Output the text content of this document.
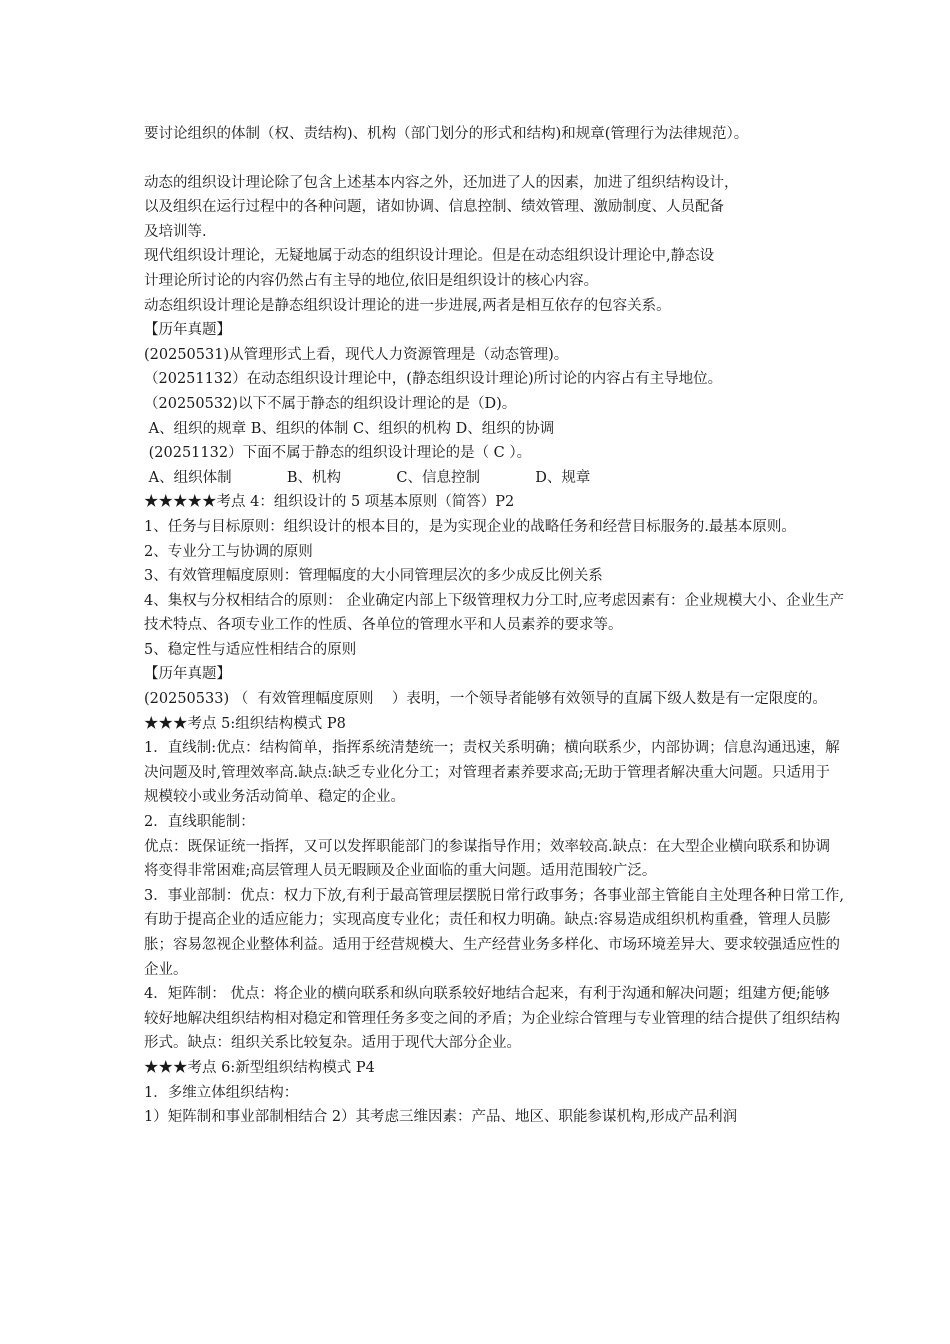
要讨论组织的体制（权、责结构)、机构（部门划分的形式和结构)和规章(管理行为法律规范）。

动态的组织设计理论除了包含上述基本内容之外，还加进了人的因素，加进了组织结构设计，

以及组织在运行过程中的各种问题，诸如协调、信息控制、绩效管理、激励制度、人员配备

及培训等.

现代组织设计理论，无疑地属于动态的组织设计理论。但是在动态组织设计理论中,静态设

计理论所讨论的内容仍然占有主导的地位,依旧是组织设计的核心内容。

动态组织设计理论是静态组织设计理论的进一步进展,两者是相互依存的包容关系。

【历年真题】

(20250531)从管理形式上看，现代人力资源管理是（动态管理)。

（20251132）在动态组织设计理论中，(静态组织设计理论)所讨论的内容占有主导地位。

（20250532)以下不属于静态的组织设计理论的是（D)。

A、组织的规章 B、组织的体制 C、组织的机构 D、组织的协调

(20251132）下面不属于静态的组织设计理论的是（ C ）。

A、组织体制            B、机构            C、信息控制            D、规章

★★★★★考点 4：组织设计的 5 项基本原则（简答）P2

1、任务与目标原则：组织设计的根本目的，是为实现企业的战略任务和经营目标服务的.最基本原则。

2、专业分工与协调的原则

3、有效管理幅度原则：管理幅度的大小同管理层次的多少成反比例关系

4、集权与分权相结合的原则： 企业确定内部上下级管理权力分工时,应考虑因素有：企业规模大小、企业生产技术特点、各项专业工作的性质、各单位的管理水平和人员素养的要求等。

5、稳定性与适应性相结合的原则

【历年真题】

(20250533) （  有效管理幅度原则    ）表明，一个领导者能够有效领导的直属下级人数是有一定限度的。

★★★考点 5:组织结构模式 P8

1．直线制:优点：结构简单，指挥系统清楚统一；责权关系明确；横向联系少，内部协调；信息沟通迅速，解决问题及时,管理效率高.缺点:缺乏专业化分工；对管理者素养要求高;无助于管理者解决重大问题。只适用于规模较小或业务活动简单、稳定的企业。

2．直线职能制：

优点：既保证统一指挥，又可以发挥职能部门的参谋指导作用；效率较高.缺点：在大型企业横向联系和协调将变得非常困难;高层管理人员无暇顾及企业面临的重大问题。适用范围较广泛。

3．事业部制：优点：权力下放,有利于最高管理层摆脱日常行政事务；各事业部主管能自主处理各种日常工作,有助于提高企业的适应能力；实现高度专业化；责任和权力明确。缺点:容易造成组织机构重叠，管理人员膨胀；容易忽视企业整体利益。适用于经营规模大、生产经营业务多样化、市场环境差异大、要求较强适应性的企业。

4．矩阵制： 优点：将企业的横向联系和纵向联系较好地结合起来，有利于沟通和解决问题；组建方便;能够较好地解决组织结构相对稳定和管理任务多变之间的矛盾；为企业综合管理与专业管理的结合提供了组织结构形式。缺点：组织关系比较复杂。适用于现代大部分企业。

★★★考点 6:新型组织结构模式 P4

1．多维立体组织结构：

1）矩阵制和事业部制相结合 2）其考虑三维因素：产品、地区、职能参谋机构,形成产品利润
